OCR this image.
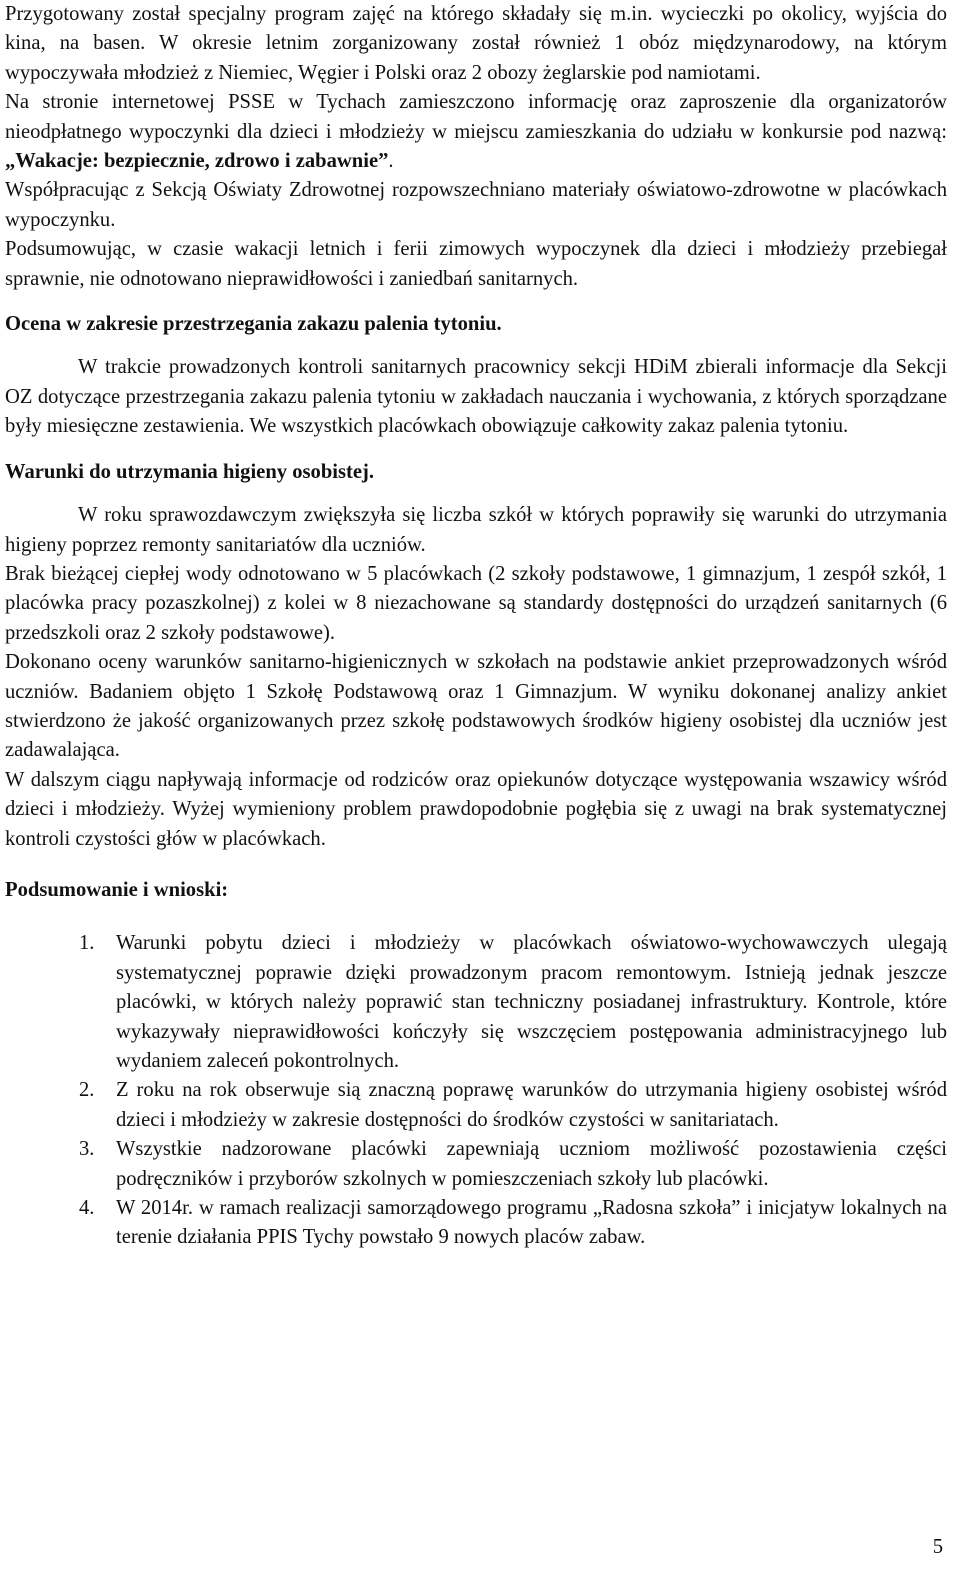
Przygotowany został specjalny program zajęć na którego składały się m.in. wycieczki po okolicy, wyjścia do kina, na basen. W okresie letnim zorganizowany został również 1 obóz międzynarodowy, na którym wypoczywała młodzież z Niemiec, Węgier i Polski oraz 2 obozy żeglarskie pod namiotami.

Na stronie internetowej PSSE w Tychach zamieszczono informację oraz zaproszenie dla organizatorów nieodpłatnego wypoczynki dla dzieci i młodzieży w miejscu zamieszkania do udziału w konkursie pod nazwą: „Wakacje: bezpiecznie, zdrowo i zabawnie”.

Współpracując z Sekcją Oświaty Zdrowotnej rozpowszechniano materiały oświatowo-zdrowotne w placówkach wypoczynku.

Podsumowując, w czasie wakacji letnich i ferii zimowych wypoczynek dla dzieci i młodzieży przebiegał sprawnie, nie odnotowano nieprawidłowości i zaniedbań sanitarnych.

Ocena w zakresie przestrzegania zakazu palenia tytoniu.

W trakcie prowadzonych kontroli sanitarnych pracownicy sekcji HDiM zbierali informacje dla Sekcji OZ dotyczące przestrzegania zakazu palenia tytoniu w zakładach nauczania i wychowania, z których sporządzane były miesięczne zestawienia. We wszystkich placówkach obowiązuje całkowity zakaz palenia tytoniu.

Warunki do utrzymania higieny osobistej.

W roku sprawozdawczym zwiększyła się liczba szkół w których poprawiły się warunki do utrzymania higieny poprzez remonty sanitariatów dla uczniów.

Brak bieżącej ciepłej wody odnotowano w 5 placówkach (2 szkoły podstawowe, 1 gimnazjum, 1 zespół szkół, 1 placówka pracy pozaszkolnej) z kolei w 8 niezachowane są standardy dostępności do urządzeń sanitarnych (6 przedszkoli oraz 2 szkoły podstawowe).

Dokonano oceny warunków sanitarno-higienicznych w szkołach na podstawie ankiet przeprowadzonych wśród uczniów. Badaniem objęto 1 Szkołę Podstawową oraz 1 Gimnazjum. W wyniku dokonanej analizy ankiet stwierdzono że jakość organizowanych przez szkołę podstawowych środków higieny osobistej dla uczniów jest zadawalająca.

W dalszym ciągu napływają informacje od rodziców oraz opiekunów dotyczące występowania wszawicy wśród dzieci i młodzieży. Wyżej wymieniony problem prawdopodobnie pogłębia się z uwagi na brak systematycznej kontroli czystości głów w placówkach.

Podsumowanie i wnioski:

1. Warunki pobytu dzieci i młodzieży w placówkach oświatowo-wychowawczych ulegają systematycznej poprawie dzięki prowadzonym pracom remontowym. Istnieją jednak jeszcze placówki, w których należy poprawić stan techniczny posiadanej infrastruktury. Kontrole, które wykazywały nieprawidłowości kończyły się wszczęciem postępowania administracyjnego lub wydaniem zaleceń pokontrolnych.
2. Z roku na rok obserwuje sią znaczną poprawę warunków do utrzymania higieny osobistej wśród dzieci i młodzieży w zakresie dostępności do środków czystości w sanitariatach.
3. Wszystkie nadzorowane placówki zapewniają uczniom możliwość pozostawienia części podręczników i przyborów szkolnych w pomieszczeniach szkoły lub placówki.
4. W 2014r. w ramach realizacji samorządowego programu „Radosna szkoła” i inicjatyw lokalnych na terenie działania PPIS Tychy powstało 9 nowych placów zabaw.
5
